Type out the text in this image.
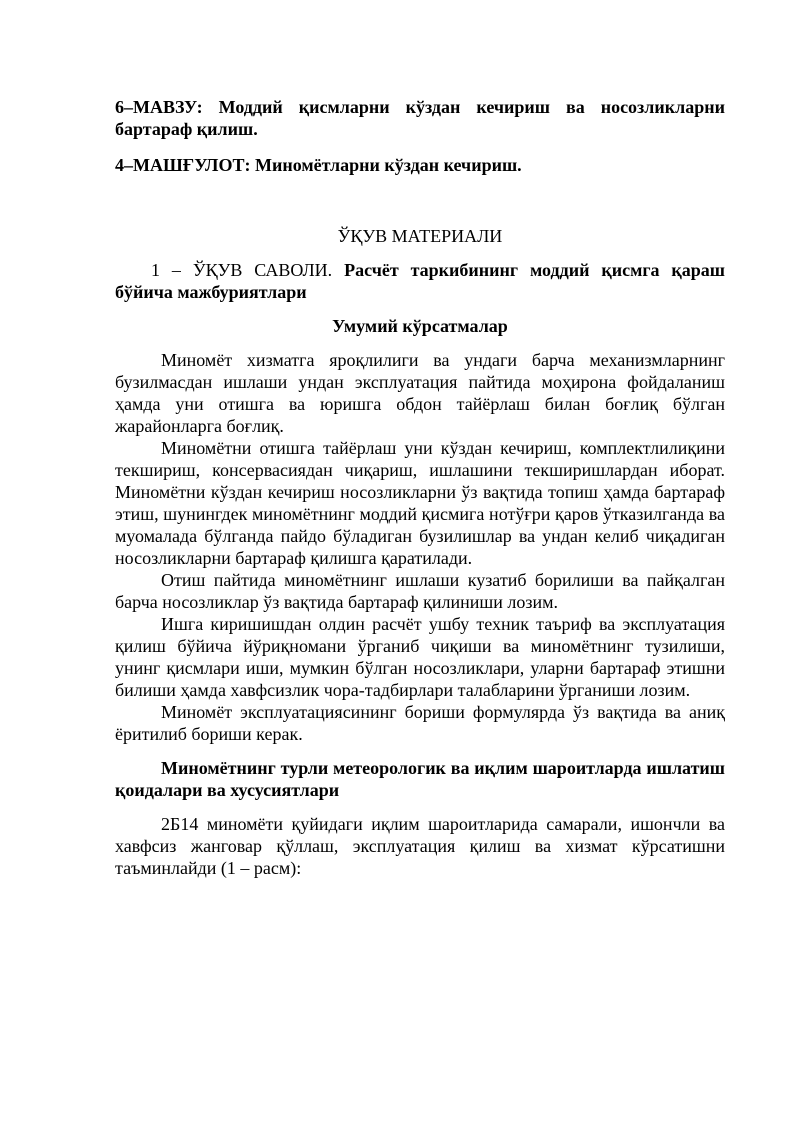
6–МАВЗУ: Моддий қисмларни кўздан кечириш ва носозликларни бартараф қилиш.

4–МАШҒУЛОТ: Миномётларни кўздан кечириш.

ЎҚУВ МАТЕРИАЛИ

1 – ЎҚУВ САВОЛИ. Расчёт таркибининг моддий қисмга қараш бўйича мажбуриятлари

Умумий кўрсатмалар

Миномёт хизматга яроқлилиги ва ундаги барча механизмларнинг бузилмасдан ишлаши ундан эксплуатация пайтида моҳирона фойдаланиш ҳамда уни отишга ва юришга обдон тайёрлаш билан боғлиқ бўлган жарайонларга боғлиқ.

Миномётни отишга тайёрлаш уни кўздан кечириш, комплектлилиқини текшириш, консервасиядан чиқариш, ишлашини текширишлардан иборат. Миномётни кўздан кечириш носозликларни ўз вақтида топиш ҳамда бартараф этиш, шунингдек миномётнинг моддий қисмига нотўғри қаров ўтказилганда ва муомалада бўлганда пайдо бўладиган бузилишлар ва ундан келиб чиқадиган носозликларни бартараф қилишга қаратилади.

Отиш пайтида миномётнинг ишлаши кузатиб борилиши ва пайқалган барча носозликлар ўз вақтида бартараф қилиниши лозим.

Ишга киришишдан олдин расчёт ушбу техник таъриф ва эксплуатация қилиш бўйича йўриқномани ўрганиб чиқиши ва миномётнинг тузилиши, унинг қисмлари иши, мумкин бўлган носозликлари, уларни бартараф этишни билиши ҳамда хавфсизлик чора-тадбирлари талабларини ўрганиши лозим.

Миномёт эксплуатациясининг бориши формулярда ўз вақтида ва аниқ ёритилиб бориши керак.

Миномётнинг турли метеорологик ва иқлим шароитларда ишлатиш қоидалари ва хусусиятлари

2Б14 миномёти қуйидаги иқлим шароитларида самарали, ишончли ва хавфсиз жанговар қўллаш, эксплуатация қилиш ва хизмат кўрсатишни таъминлайди (1 – расм):
